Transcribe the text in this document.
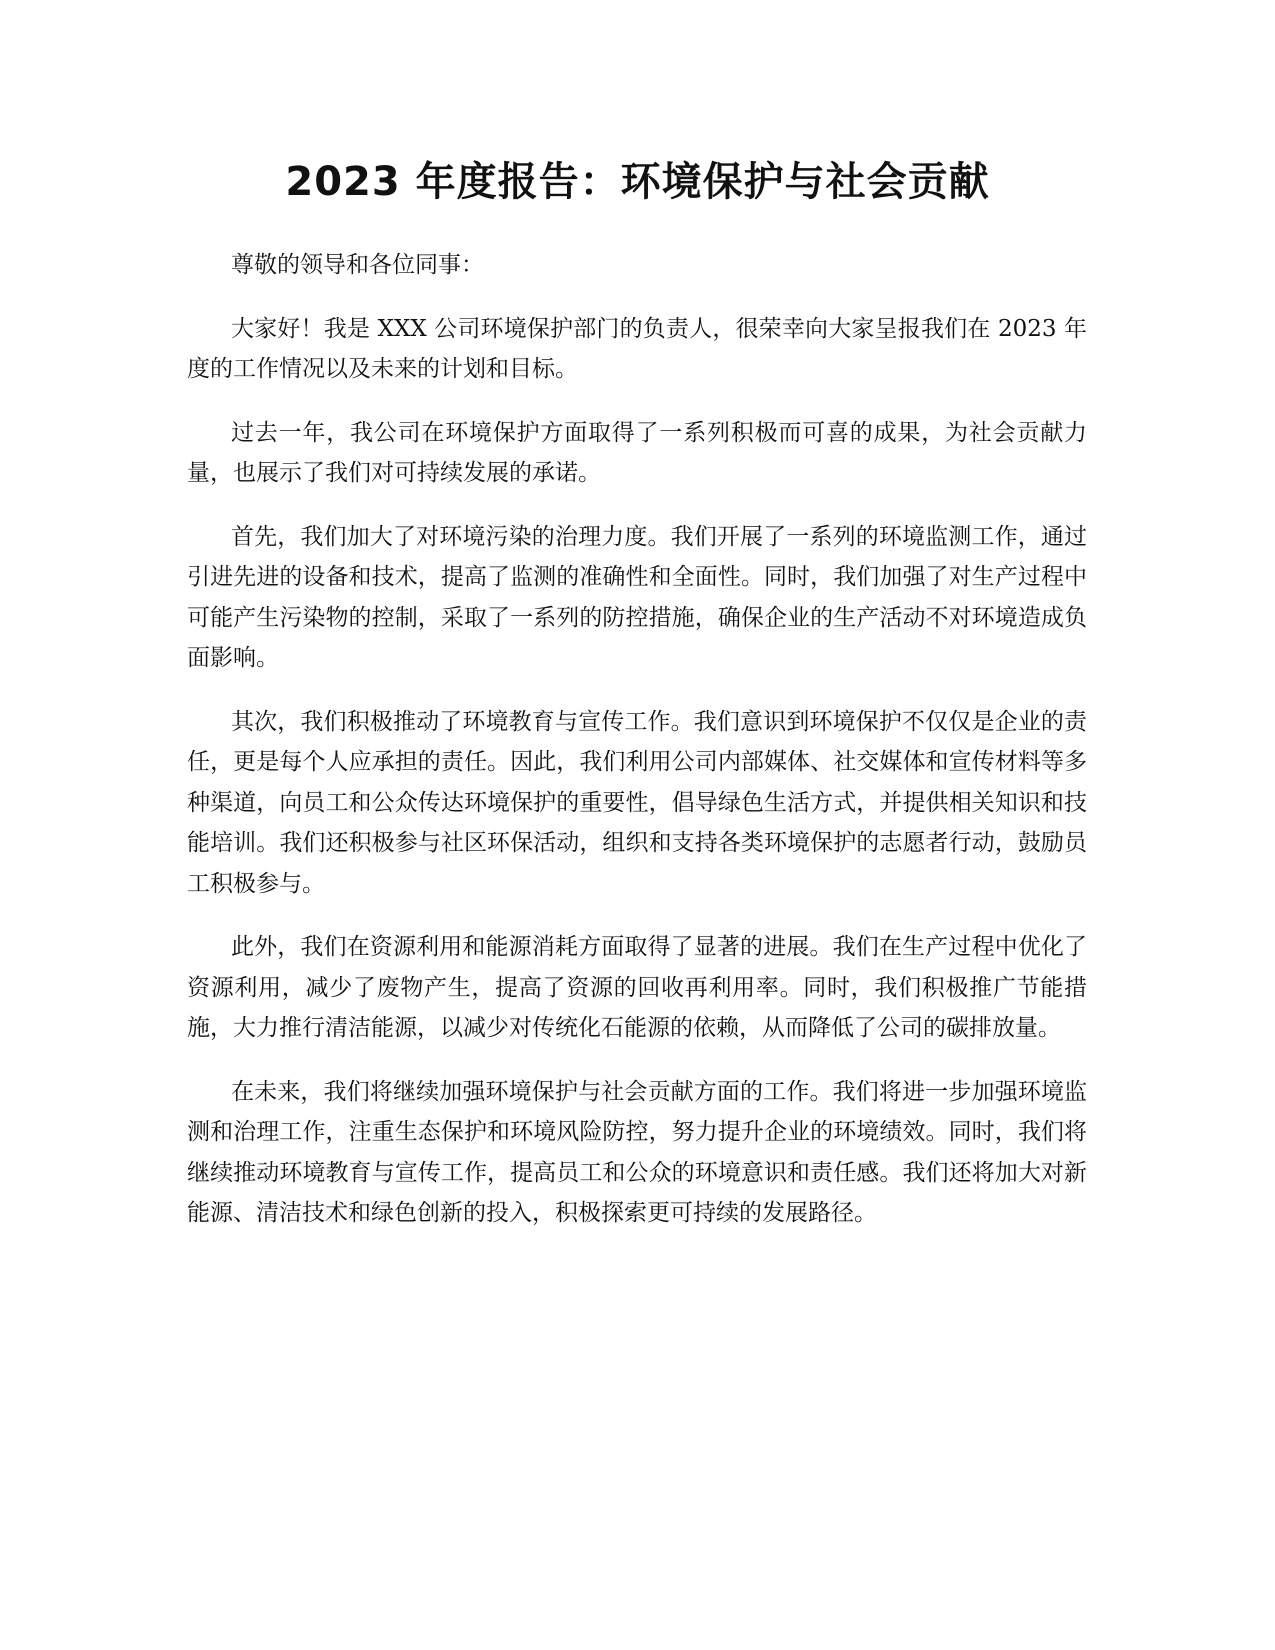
2023 年度报告：环境保护与社会贡献

尊敬的领导和各位同事：

大家好！我是 XXX 公司环境保护部门的负责人，很荣幸向大家呈报我们在 2023 年度的工作情况以及未来的计划和目标。

过去一年，我公司在环境保护方面取得了一系列积极而可喜的成果，为社会贡献力量，也展示了我们对可持续发展的承诺。

首先，我们加大了对环境污染的治理力度。我们开展了一系列的环境监测工作，通过引进先进的设备和技术，提高了监测的准确性和全面性。同时，我们加强了对生产过程中可能产生污染物的控制，采取了一系列的防控措施，确保企业的生产活动不对环境造成负面影响。

其次，我们积极推动了环境教育与宣传工作。我们意识到环境保护不仅仅是企业的责任，更是每个人应承担的责任。因此，我们利用公司内部媒体、社交媒体和宣传材料等多种渠道，向员工和公众传达环境保护的重要性，倡导绿色生活方式，并提供相关知识和技能培训。我们还积极参与社区环保活动，组织和支持各类环境保护的志愿者行动，鼓励员工积极参与。

此外，我们在资源利用和能源消耗方面取得了显著的进展。我们在生产过程中优化了资源利用，减少了废物产生，提高了资源的回收再利用率。同时，我们积极推广节能措施，大力推行清洁能源，以减少对传统化石能源的依赖，从而降低了公司的碳排放量。

在未来，我们将继续加强环境保护与社会贡献方面的工作。我们将进一步加强环境监测和治理工作，注重生态保护和环境风险防控，努力提升企业的环境绩效。同时，我们将继续推动环境教育与宣传工作，提高员工和公众的环境意识和责任感。我们还将加大对新能源、清洁技术和绿色创新的投入，积极探索更可持续的发展路径。
